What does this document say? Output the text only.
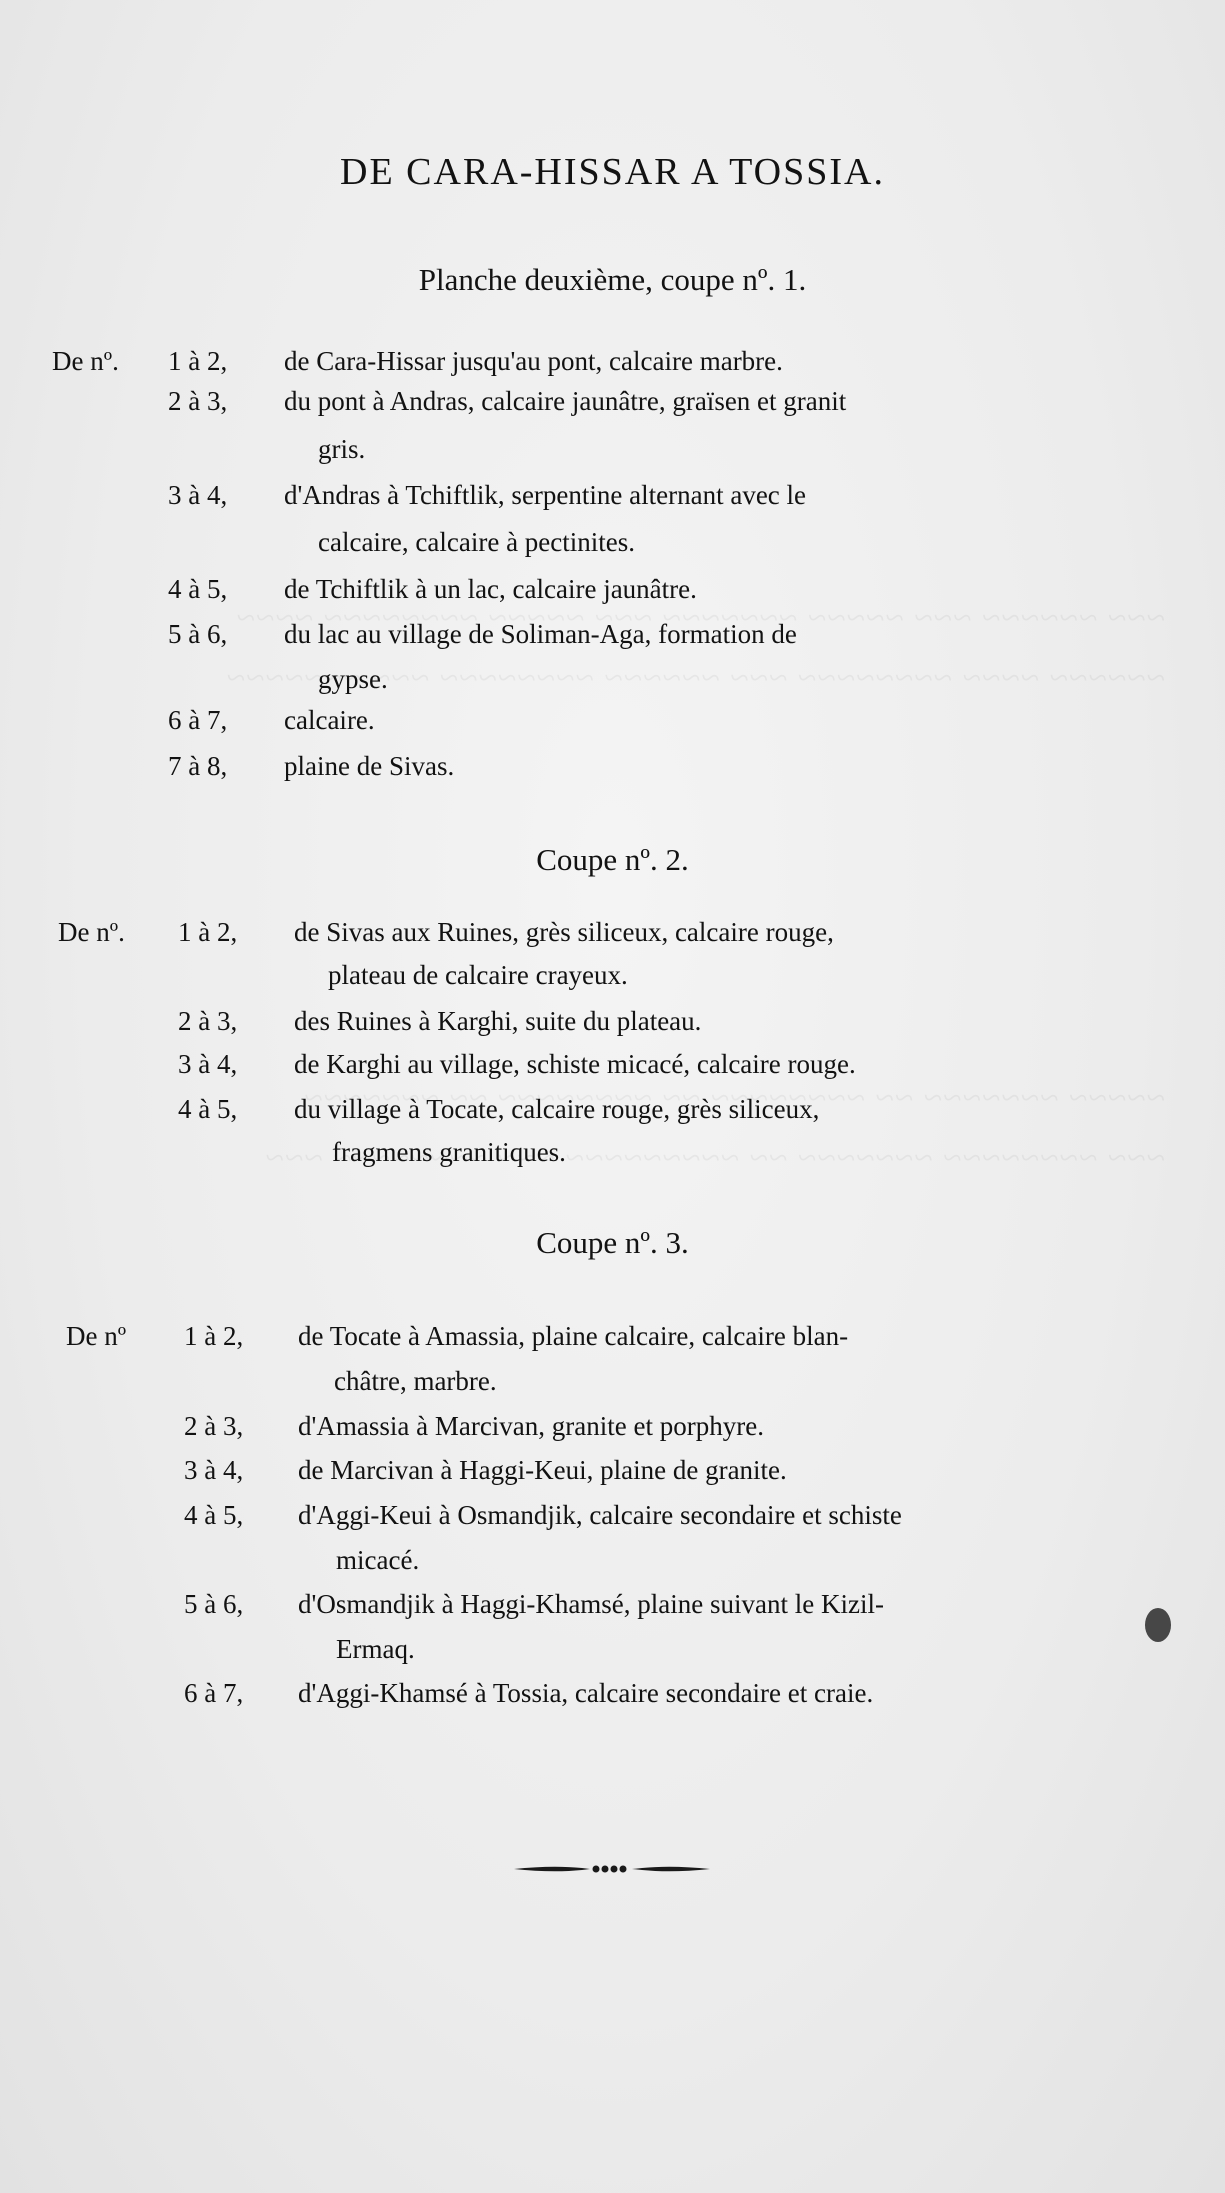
DE CARA-HISSAR A TOSSIA.
Planche deuxième, coupe nº. 1.
De nº. 1 à 2, de Cara-Hissar jusqu'au pont, calcaire marbre.
2 à 3, du pont à Andras, calcaire jaunâtre, graïsen et granit
gris.
3 à 4, d'Andras à Tchiftlik, serpentine alternant avec le
calcaire, calcaire à pectinites.
4 à 5, de Tchiftlik à un lac, calcaire jaunâtre.
5 à 6, du lac au village de Soliman-Aga, formation de
gypse.
6 à 7, calcaire.
7 à 8, plaine de Sivas.
Coupe nº. 2.
De nº. 1 à 2, de Sivas aux Ruines, grès siliceux, calcaire rouge,
plateau de calcaire crayeux.
2 à 3, des Ruines à Karghi, suite du plateau.
3 à 4, de Karghi au village, schiste micacé, calcaire rouge.
4 à 5, du village à Tocate, calcaire rouge, grès siliceux,
fragmens granitiques.
Coupe nº. 3.
De nº 1 à 2, de Tocate à Amassia, plaine calcaire, calcaire blan-
châtre, marbre.
2 à 3, d'Amassia à Marcivan, granite et porphyre.
3 à 4, de Marcivan à Haggi-Keui, plaine de granite.
4 à 5, d'Aggi-Keui à Osmandjik, calcaire secondaire et schiste
micacé.
5 à 6, d'Osmandjik à Haggi-Khamsé, plaine suivant le Kizil-
Ermaq.
6 à 7, d'Aggi-Khamsé à Tossia, calcaire secondaire et craie.
